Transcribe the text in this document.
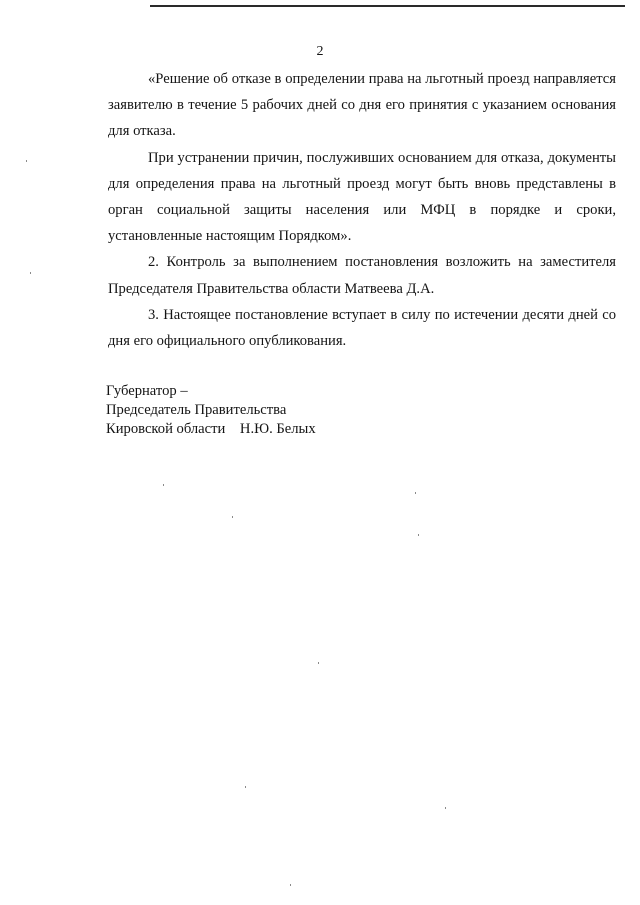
2

«Решение об отказе в определении права на льготный проезд направляется заявителю в течение 5 рабочих дней со дня его принятия с указанием основания для отказа.

При устранении причин, послуживших основанием для отказа, документы для определения права на льготный проезд могут быть вновь представлены в орган социальной защиты населения или МФЦ в порядке и сроки, установленные настоящим Порядком».

2. Контроль за выполнением постановления возложить на заместителя Председателя Правительства области Матвеева Д.А.

3. Настоящее постановление вступает в силу по истечении десяти дней со дня его официального опубликования.

Губернатор –
Председатель Правительства
Кировской области    Н.Ю. Белых
